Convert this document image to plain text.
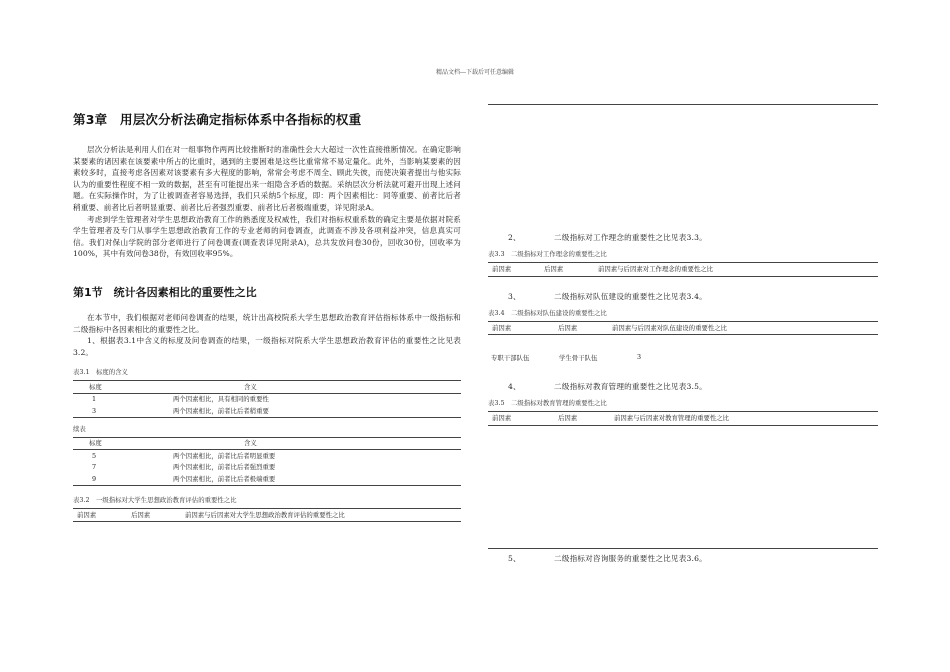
精品文档---下载后可任意编辑
第3章　用层次分析法确定指标体系中各指标的权重

层次分析法是利用人们在对一组事物作两两比较推断时的准确性会大大超过一次性直接推断情况。在确定影响某要素的诸因素在该要素中所占的比重时，遇到的主要困难是这些比重常常不易定量化。此外，当影响某要素的因素较多时，直接考虑各因素对该要素有多大程度的影响，常常会考虑不周全、顾此失彼，而使决策者提出与他实际认为的重要性程度不相一致的数据，甚至有可能提出来一组隐含矛盾的数据。采纳层次分析法就可避开出现上述问题。在实际操作时，为了让被调查者容易选择，我们只采纳5个标度，即：两个因素相比：同等重要、前者比后者稍重要、前者比后者明显重要、前者比后者强烈重要、前者比后者极端重要，详见附录A。

考虑到学生管理者对学生思想政治教育工作的熟悉度及权威性，我们对指标权重系数的确定主要是依据对院系学生管理者及专门从事学生思想政治教育工作的专业老师的问卷调查，此调查不涉及各项利益冲突，信息真实可信。我们对保山学院的部分老师进行了问卷调查(调查表详见附录A)，总共发放问卷30份，回收30份，回收率为100%，其中有效问卷38份，有效回收率95%。

第1节　统计各因素相比的重要性之比

在本节中，我们根据对老师问卷调查的结果，统计出高校院系大学生思想政治教育评估指标体系中一级指标和二级指标中各因素相比的重要性之比。

1、根据表3.1中含义的标度及问卷调查的结果，一级指标对院系大学生思想政治教育评估的重要性之比见表3.2。

表3.1　标度的含义
标度	含义
1	两个因素相比，具有相同的重要性
3	两个因素相比，前者比后者稍重要
续表
标度	含义
5	两个因素相比，前者比后者明显重要
7	两个因素相比，前者比后者强烈重要
9	两个因素相比，前者比后者极端重要
表3.2　一级指标对大学生思想政治教育评估的重要性之比
前因素	后因素	前因素与后因素对大学生思想政治教育评估的重要性之比
2、	二级指标对工作理念的重要性之比见表3.3。
表3.3　二级指标对工作理念的重要性之比
前因素	后因素	前因素与后因素对工作理念的重要性之比
3、	二级指标对队伍建设的重要性之比见表3.4。
表3.4　二级指标对队伍建设的重要性之比
前因素	后因素	前因素与后因素对队伍建设的重要性之比
专职干部队伍	学生骨干队伍	3
4、	二级指标对教育管理的重要性之比见表3.5。
表3.5　二级指标对教育管理的重要性之比
前因素	后因素	前因素与后因素对教育管理的重要性之比
5、	二级指标对咨询服务的重要性之比见表3.6。
